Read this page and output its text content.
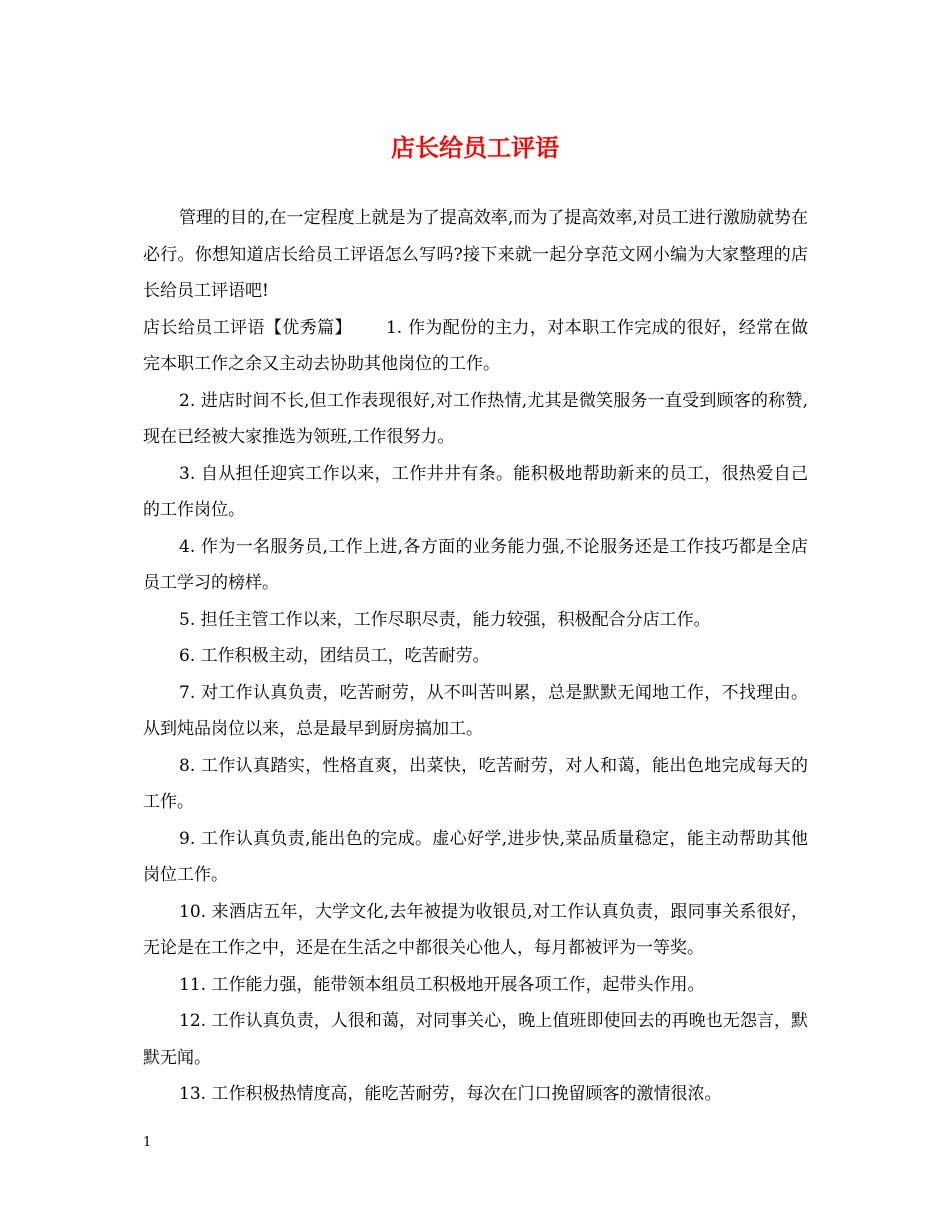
店长给员工评语

管理的目的,在一定程度上就是为了提高效率,而为了提高效率,对员工进行激励就势在必行。你想知道店长给员工评语怎么写吗?接下来就一起分享范文网小编为大家整理的店长给员工评语吧!

店长给员工评语【优秀篇】   1. 作为配份的主力，对本职工作完成的很好，经常在做完本职工作之余又主动去协助其他岗位的工作。

2. 进店时间不长,但工作表现很好,对工作热情,尤其是微笑服务一直受到顾客的称赞,现在已经被大家推选为领班,工作很努力。

3. 自从担任迎宾工作以来，工作井井有条。能积极地帮助新来的员工，很热爱自己的工作岗位。

4. 作为一名服务员,工作上进,各方面的业务能力强,不论服务还是工作技巧都是全店员工学习的榜样。

5. 担任主管工作以来，工作尽职尽责，能力较强，积极配合分店工作。

6. 工作积极主动，团结员工，吃苦耐劳。

7. 对工作认真负责，吃苦耐劳，从不叫苦叫累，总是默默无闻地工作，不找理由。从到炖品岗位以来，总是最早到厨房搞加工。

8. 工作认真踏实，性格直爽，出菜快，吃苦耐劳，对人和蔼，能出色地完成每天的工作。

9. 工作认真负责,能出色的完成。虚心好学,进步快,菜品质量稳定，能主动帮助其他岗位工作。

10. 来酒店五年，大学文化,去年被提为收银员,对工作认真负责，跟同事关系很好，无论是在工作之中，还是在生活之中都很关心他人，每月都被评为一等奖。

11. 工作能力强，能带领本组员工积极地开展各项工作，起带头作用。

12. 工作认真负责，人很和蔼，对同事关心，晚上值班即使回去的再晚也无怨言，默默无闻。

13. 工作积极热情度高，能吃苦耐劳，每次在门口挽留顾客的激情很浓。

1
